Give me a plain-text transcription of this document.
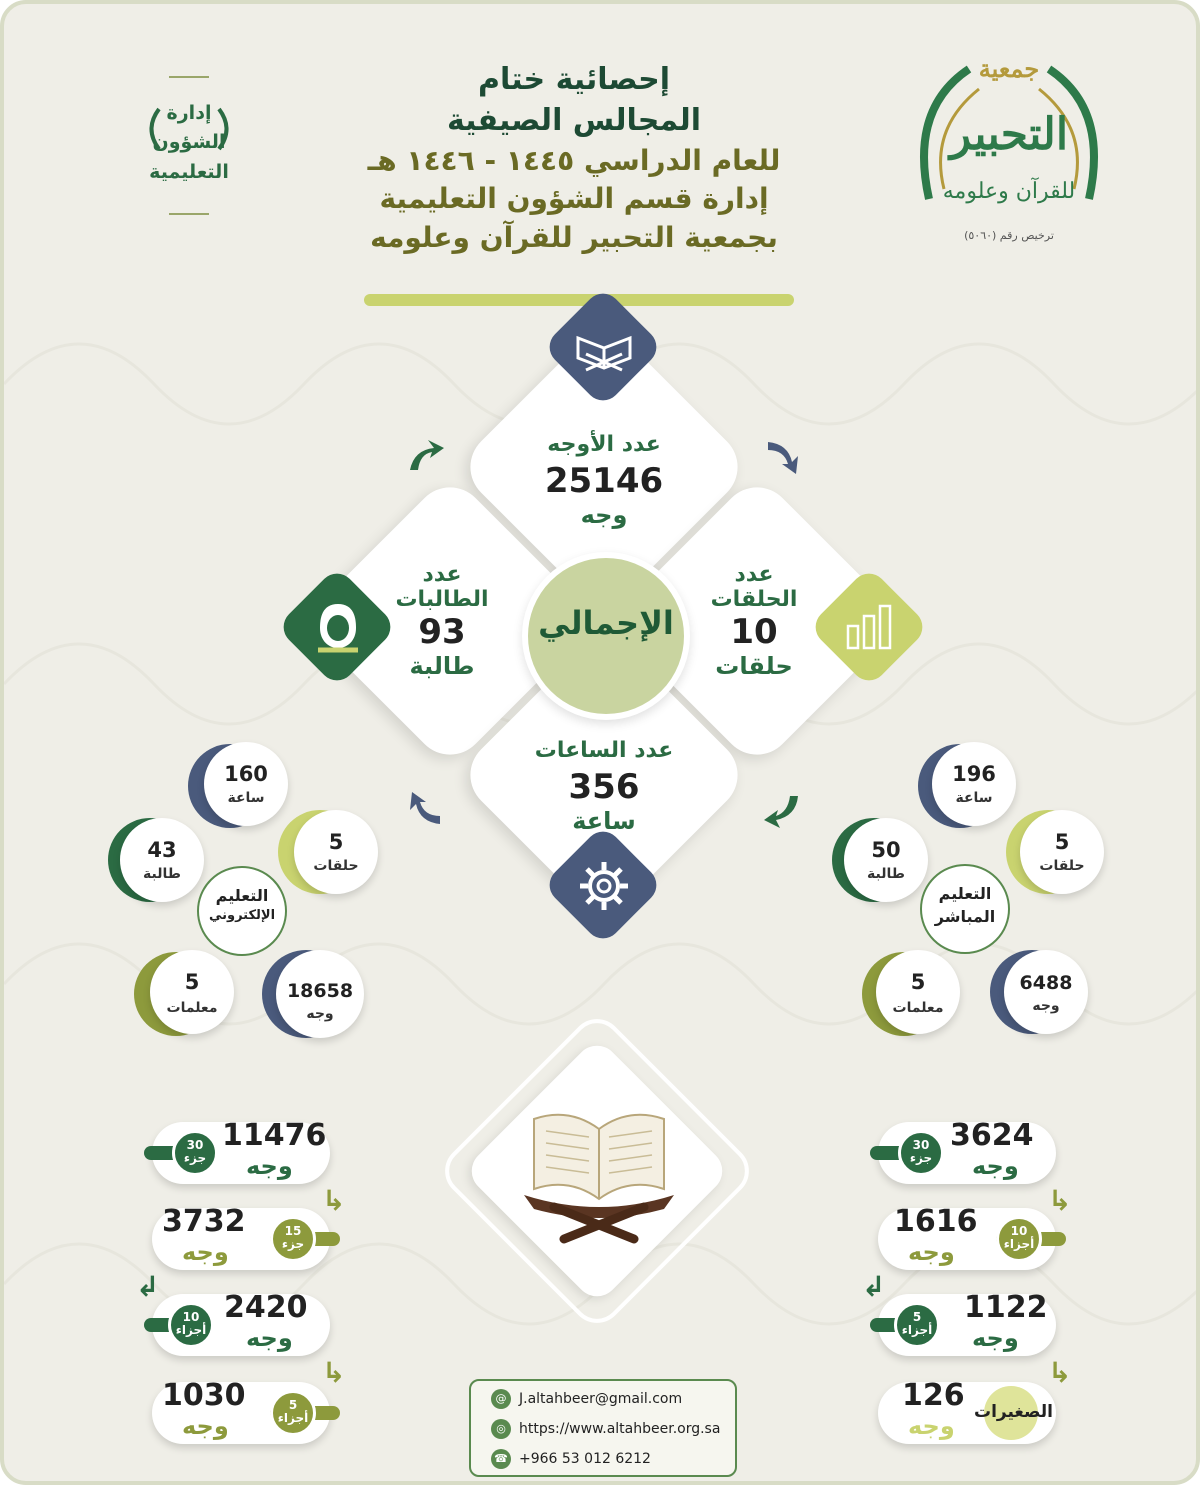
إحصائية ختام
المجالس الصيفية
للعام الدراسي ١٤٤٥ - ١٤٤٦ هـ
إدارة قسم الشؤون التعليمية
بجمعية التحبير للقرآن وعلومه
إدارة
الشؤون
التعليمية
جمعية
التحبير
للقرآن وعلومه
ترخيص رقم (٥٠٦٠)
عدد الأوجه
25146
وجه
عدد
الحلقات
10
حلقات
عدد
الطالبات
93
طالبة
عدد الساعات
356
ساعة
الإجمالي
160
ساعة
5
حلقات
43
طالبة
التعليم
الإلكتروني
5
معلمات
18658
وجه
196
ساعة
5
حلقات
50
طالبة
التعليم
المباشر
5
معلمات
6488
وجه
30
جزء
11476
وجه
15
جزء
3732
وجه
10
أجزاء
2420
وجه
5
أجزاء
1030
وجه
↳
↲
↳
30
جزء
3624
وجه
10
أجزاء
1616
وجه
5
أجزاء
1122
وجه
126
وجه الصغيرات
↳
↲
↳
@ J.altahbeer@gmail.com
◎ https://www.altahbeer.org.sa
☎ +966 53 012 6212
